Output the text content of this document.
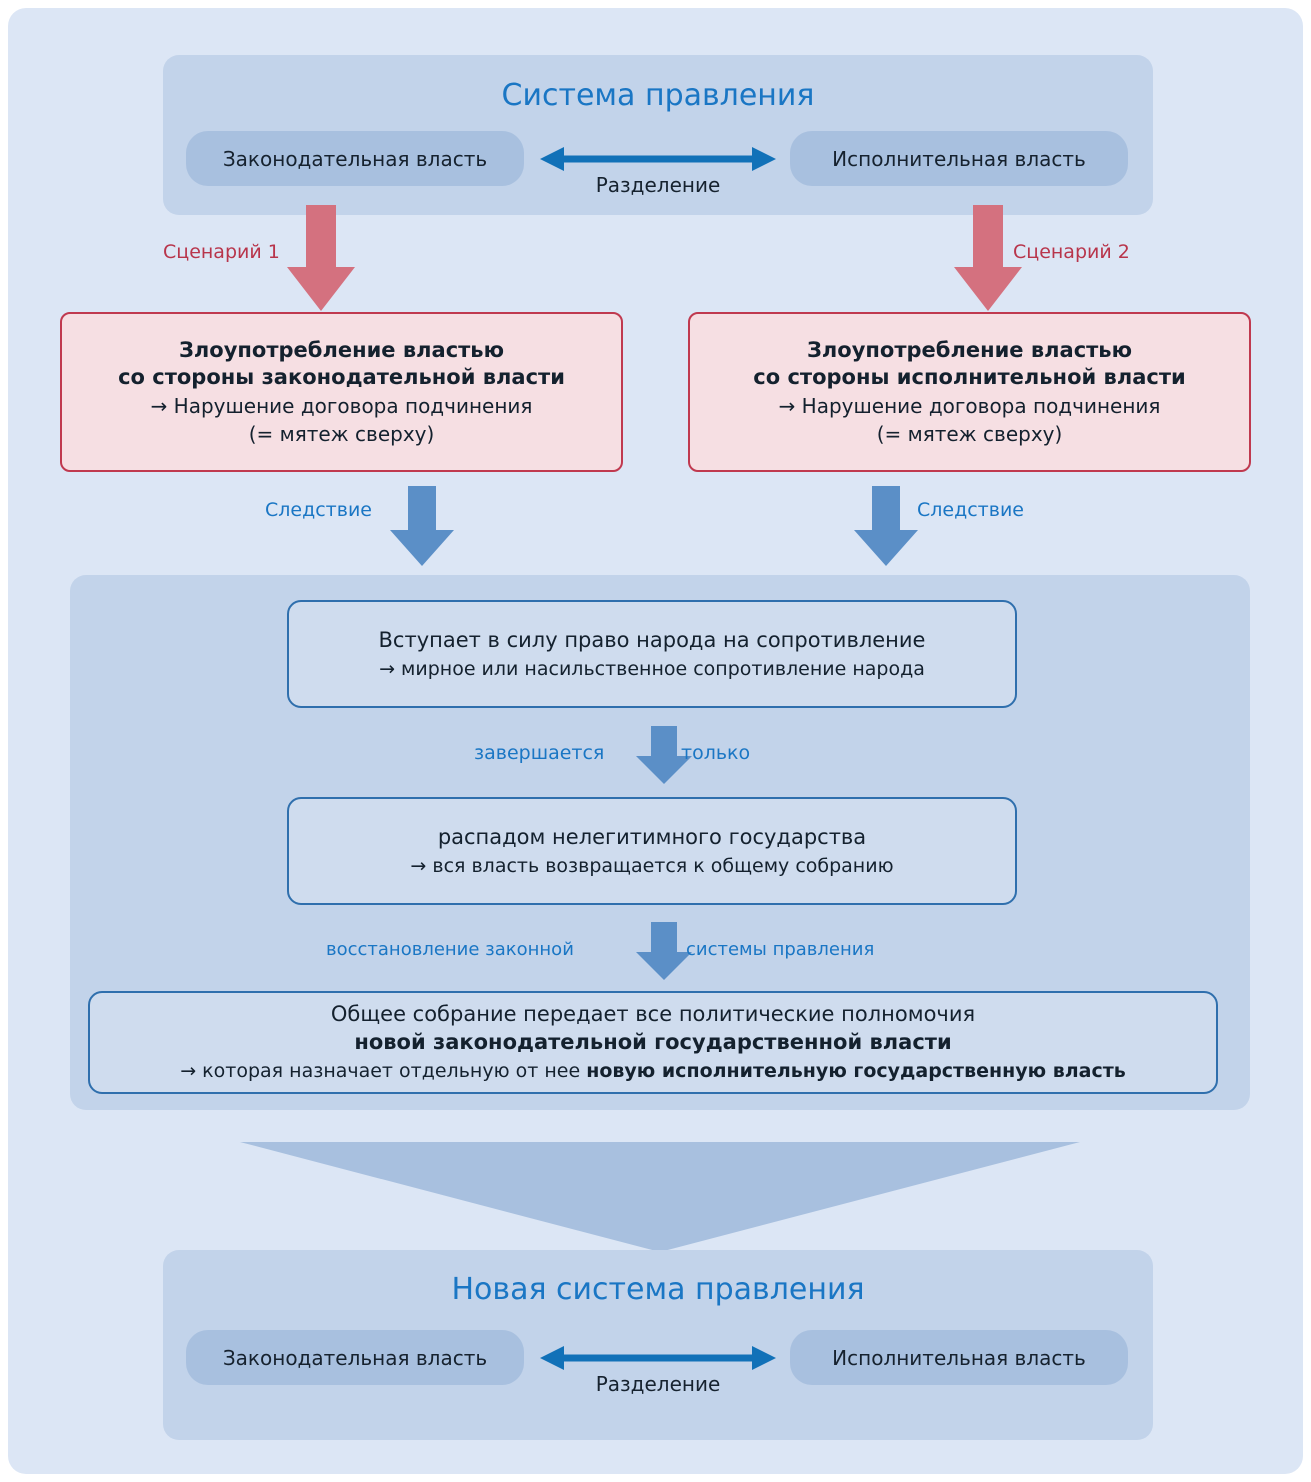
Система правления
Законодательная власть	Исполнительная власть
Разделение
Сценарий 1	Сценарий 2
Злоупотребление властью
со стороны законодательной власти
→ Нарушение договора подчинения
(= мятеж сверху)
Злоупотребление властью
со стороны исполнительной власти
→ Нарушение договора подчинения
(= мятеж сверху)
Следствие	Следствие
Вступает в силу право народа на сопротивление
→ мирное или насильственное сопротивление народа
завершается	только
распадом нелегитимного государства
→ вся власть возвращается к общему собранию
восстановление законной	системы правления
Общее собрание передает все политические полномочия
новой законодательной государственной власти
→ которая назначает отдельную от нее новую исполнительную государственную власть
Новая система правления
Законодательная власть	Исполнительная власть
Разделение
